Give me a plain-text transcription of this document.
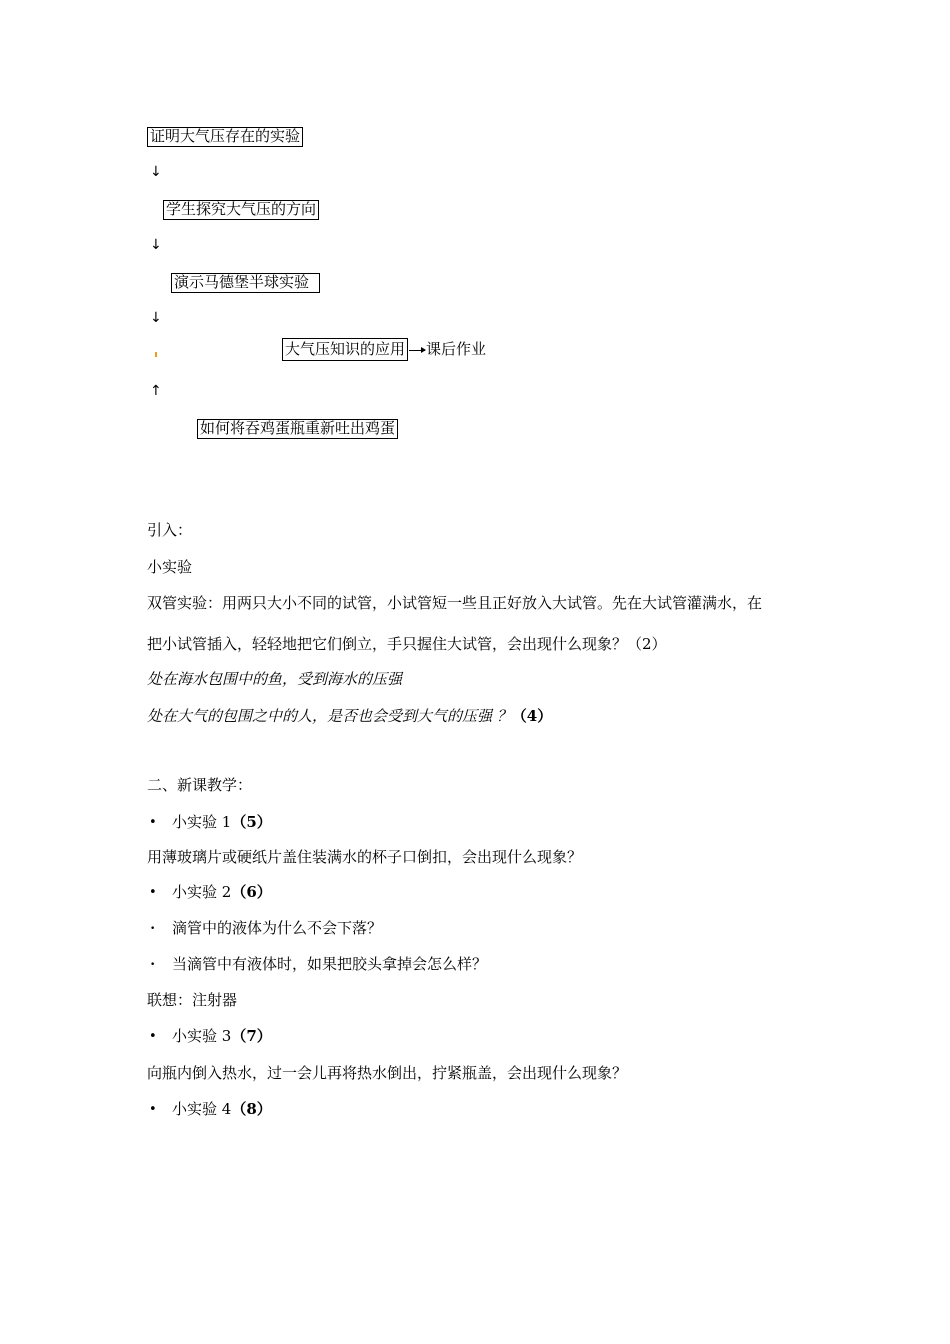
证明大气压存在的实验
↓
学生探究大气压的方向
↓
演示马德堡半球实验
↓
大气压知识的应用 课后作业
↑
如何将吞鸡蛋瓶重新吐出鸡蛋
引入：
小实验
双管实验：用两只大小不同的试管，小试管短一些且正好放入大试管。先在大试管灌满水，在
把小试管插入，轻轻地把它们倒立，手只握住大试管，会出现什么现象？（2）
处在海水包围中的鱼，受到海水的压强
处在大气的包围之中的人，是否也会受到大气的压强 ？（4）
二、新课教学：
• 小实验 1（5）
用薄玻璃片或硬纸片盖住装满水的杯子口倒扣，会出现什么现象？
• 小实验 2（6）
• 滴管中的液体为什么不会下落？
• 当滴管中有液体时，如果把胶头拿掉会怎么样？
联想：注射器
• 小实验 3（7）
向瓶内倒入热水，过一会儿再将热水倒出，拧紧瓶盖，会出现什么现象？
• 小实验 4（8）
